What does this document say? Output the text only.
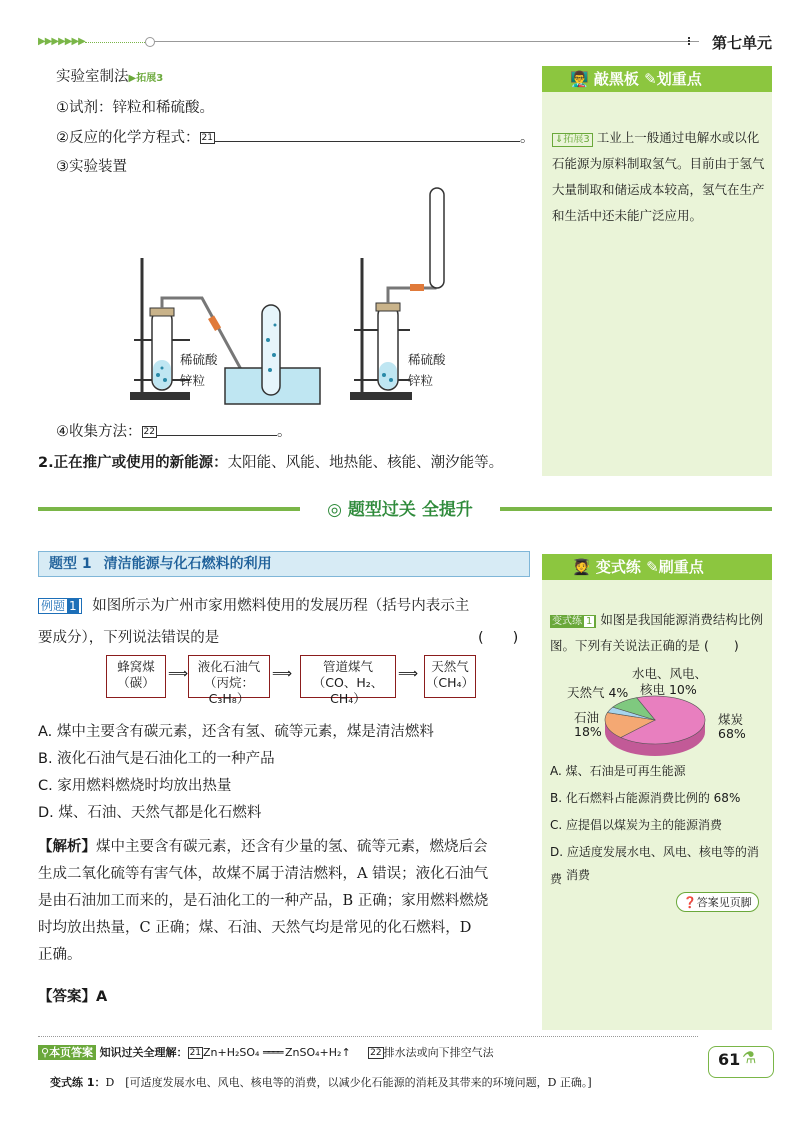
▶▶▶▶▶▶▶	第七单元
实验室制法▶拓展3
①试剂：锌粒和稀硫酸。
②反应的化学方程式： 21	。
③实验装置
稀硫酸
锌粒
稀硫酸
锌粒
④收集方法： 22	。
2.正在推广或使用的新能源：太阳能、风能、地热能、核能、潮汐能等。
👨‍🏫 敲黑板 ✎划重点
⇓拓展3 工业上一般通过电解水或以化石能源为原料制取氢气。目前由于氢气大量制取和储运成本较高，氢气在生产和生活中还未能广泛应用。
◎ 题型过关 全提升
题型 1 清洁能源与化石燃料的利用
例题 1 如图所示为广州市家用燃料使用的发展历程（括号内表示主
要成分），下列说法错误的是	(　　)
蜂窝煤
（碳）
⟹ 液化石油气
（丙烷：C₃H₈）
⟹	管道煤气
（CO、H₂、CH₄）
⟹	天然气
（CH₄）
A. 煤中主要含有碳元素，还含有氢、硫等元素，煤是清洁燃料
B. 液化石油气是石油化工的一种产品
C. 家用燃料燃烧时均放出热量
D. 煤、石油、天然气都是化石燃料
【解析】煤中主要含有碳元素，还含有少量的氢、硫等元素，燃烧后会
生成二氧化硫等有害气体，故煤不属于清洁燃料，A 错误；液化石油气
是由石油加工而来的，是石油化工的一种产品，B 正确；家用燃料燃烧
时均放出热量，C 正确；煤、石油、天然气均是常见的化石燃料，D
正确。
【答案】A
🧑‍🎓 变式练 ✎刷重点
变式练 1 如图是我国能源消费结构比例图。下列有关说法正确的是 (　　)
水电、风电、
核电 10%
天然气 4%
石油
18%
煤炭
68%
A. 煤、石油是可再生能源
B. 化石燃料占能源消费比例的 68%
C. 应提倡以煤炭为主的能源消费
D. 应适度发展水电、风电、核电等的消费 消费
❓答案见页脚
⚲本页答案 知识过关全理解： 21 Zn+H₂SO₄ ════ ZnSO₄+H₂↑ 22 排水法或向下排空气法
变式练 1：D　[可适度发展水电、风电、核电等的消费，以减少化石能源的消耗及其带来的环境问题，D 正确。]
61 ⚗
